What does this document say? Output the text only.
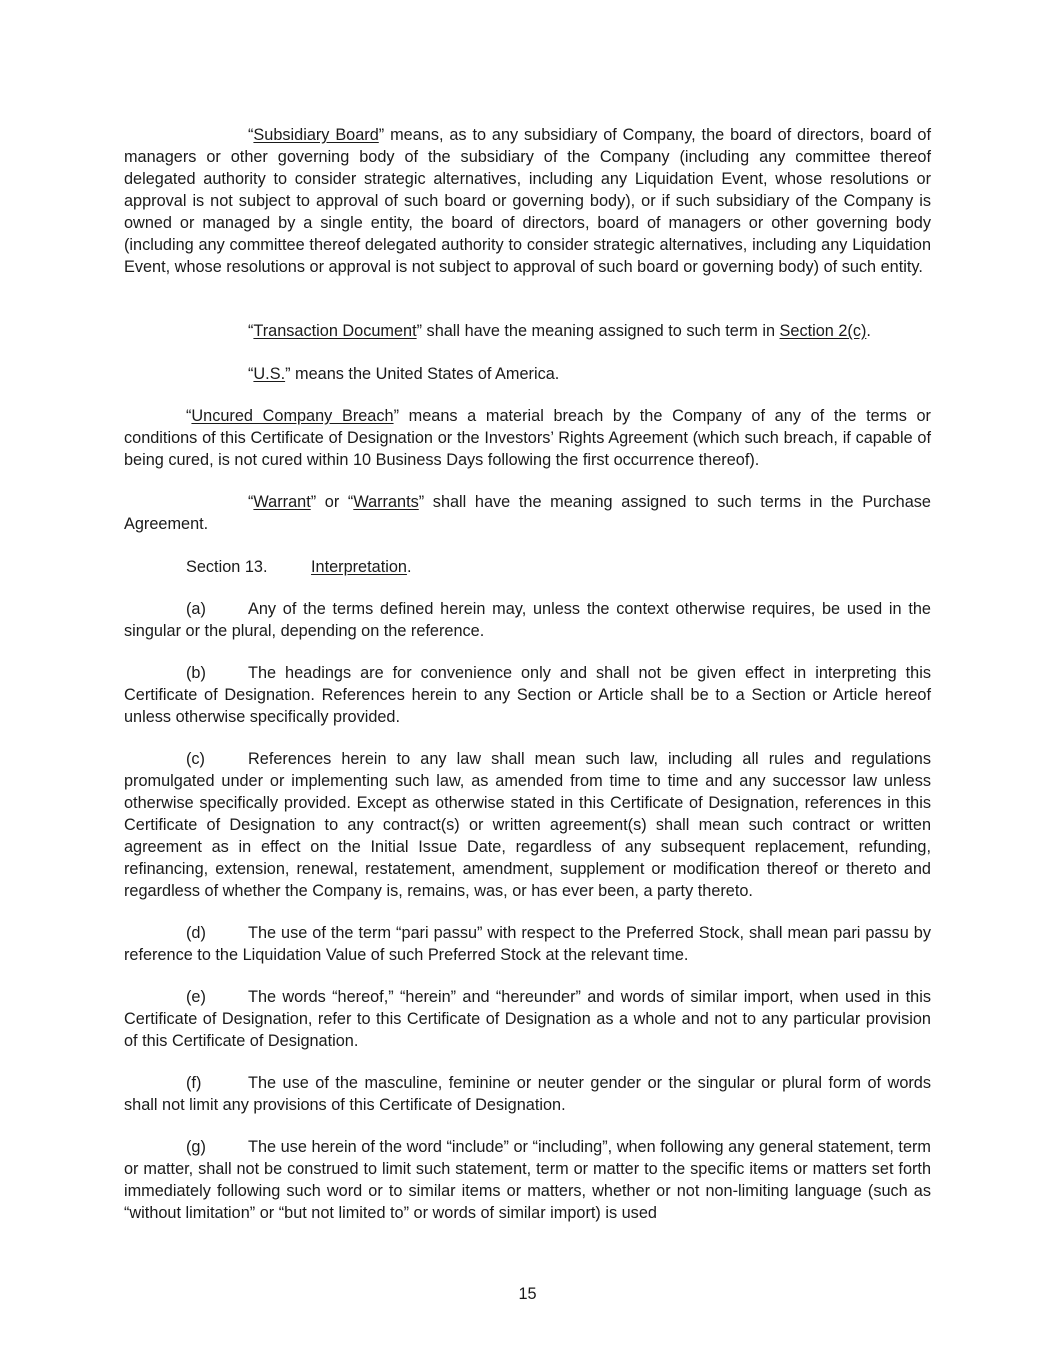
“Subsidiary Board” means, as to any subsidiary of Company, the board of directors, board of managers or other governing body of the subsidiary of the Company (including any committee thereof delegated authority to consider strategic alternatives, including any Liquidation Event, whose resolutions or approval is not subject to approval of such board or governing body), or if such subsidiary of the Company is owned or managed by a single entity, the board of directors, board of managers or other governing body (including any committee thereof delegated authority to consider strategic alternatives, including any Liquidation Event, whose resolutions or approval is not subject to approval of such board or governing body) of such entity.

“Transaction Document” shall have the meaning assigned to such term in Section 2(c).

“U.S.” means the United States of America.

“Uncured Company Breach” means a material breach by the Company of any of the terms or conditions of this Certificate of Designation or the Investors’ Rights Agreement (which such breach, if capable of being cured, is not cured within 10 Business Days following the first occurrence thereof).

“Warrant” or “Warrants” shall have the meaning assigned to such terms in the Purchase Agreement.

Section 13.	Interpretation.

(a)	Any of the terms defined herein may, unless the context otherwise requires, be used in the singular or the plural, depending on the reference.

(b)	The headings are for convenience only and shall not be given effect in interpreting this Certificate of Designation. References herein to any Section or Article shall be to a Section or Article hereof unless otherwise specifically provided.

(c)	References herein to any law shall mean such law, including all rules and regulations promulgated under or implementing such law, as amended from time to time and any successor law unless otherwise specifically provided. Except as otherwise stated in this Certificate of Designation, references in this Certificate of Designation to any contract(s) or written agreement(s) shall mean such contract or written agreement as in effect on the Initial Issue Date, regardless of any subsequent replacement, refunding, refinancing, extension, renewal, restatement, amendment, supplement or modification thereof or thereto and regardless of whether the Company is, remains, was, or has ever been, a party thereto.

(d)	The use of the term “pari passu” with respect to the Preferred Stock, shall mean pari passu by reference to the Liquidation Value of such Preferred Stock at the relevant time.

(e)	The words “hereof,” “herein” and “hereunder” and words of similar import, when used in this Certificate of Designation, refer to this Certificate of Designation as a whole and not to any particular provision of this Certificate of Designation.

(f)	The use of the masculine, feminine or neuter gender or the singular or plural form of words shall not limit any provisions of this Certificate of Designation.

(g)	The use herein of the word “include” or “including”, when following any general statement, term or matter, shall not be construed to limit such statement, term or matter to the specific items or matters set forth immediately following such word or to similar items or matters, whether or not non-limiting language (such as “without limitation” or “but not limited to” or words of similar import) is used

15
